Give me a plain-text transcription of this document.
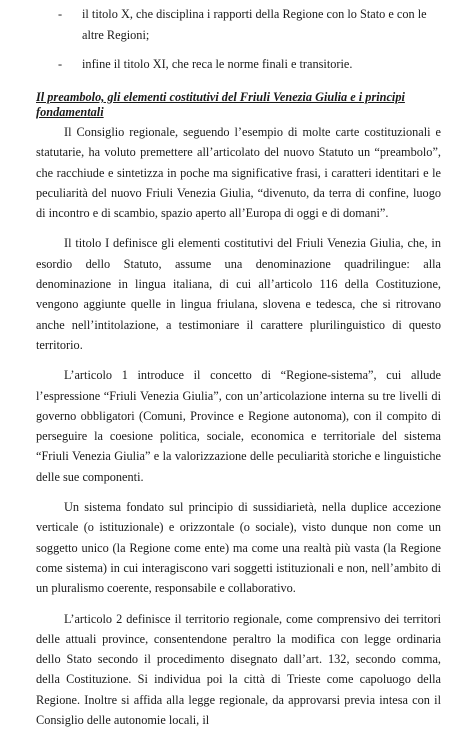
- il titolo X, che disciplina i rapporti della Regione con lo Stato e con le altre Regioni;
- infine il titolo XI, che reca le norme finali e transitorie.
Il preambolo, gli elementi costitutivi del Friuli Venezia Giulia e i principi fondamentali

Il Consiglio regionale, seguendo l’esempio di molte carte costituzionali e statutarie, ha voluto premettere all’articolato del nuovo Statuto un “preambolo”, che racchiude e sintetizza in poche ma significative frasi, i caratteri identitari e le peculiarità del nuovo Friuli Venezia Giulia, “divenuto, da terra di confine, luogo di incontro e di scambio, spazio aperto all’Europa di oggi e di domani”.

Il titolo I definisce gli elementi costitutivi del Friuli Venezia Giulia, che, in esordio dello Statuto, assume una denominazione quadrilingue: alla denominazione in lingua italiana, di cui all’articolo 116 della Costituzione, vengono aggiunte quelle in lingua friulana, slovena e tedesca, che si ritrovano anche nell’intitolazione, a testimoniare il carattere plurilinguistico di questo territorio.

L’articolo 1 introduce il concetto di “Regione-sistema”, cui allude l’espressione “Friuli Venezia Giulia”, con un’articolazione interna su tre livelli di governo obbligatori (Comuni, Province e Regione autonoma), con il compito di perseguire la coesione politica, sociale, economica e territoriale del sistema “Friuli Venezia Giulia” e la valorizzazione delle peculiarità storiche e linguistiche delle sue componenti.

Un sistema fondato sul principio di sussidiarietà, nella duplice accezione verticale (o istituzionale) e orizzontale (o sociale), visto dunque non come un soggetto unico (la Regione come ente) ma come una realtà più vasta (la Regione come sistema) in cui interagiscono vari soggetti istituzionali e non, nell’ambito di un pluralismo coerente, responsabile e collaborativo.

L’articolo 2 definisce il territorio regionale, come comprensivo dei territori delle attuali province, consentendone peraltro la modifica con legge ordinaria dello Stato secondo il procedimento disegnato dall’art. 132, secondo comma, della Costituzione. Si individua poi la città di Trieste come capoluogo della Regione. Inoltre si affida alla legge regionale, da approvarsi previa intesa con il Consiglio delle autonomie locali, il
